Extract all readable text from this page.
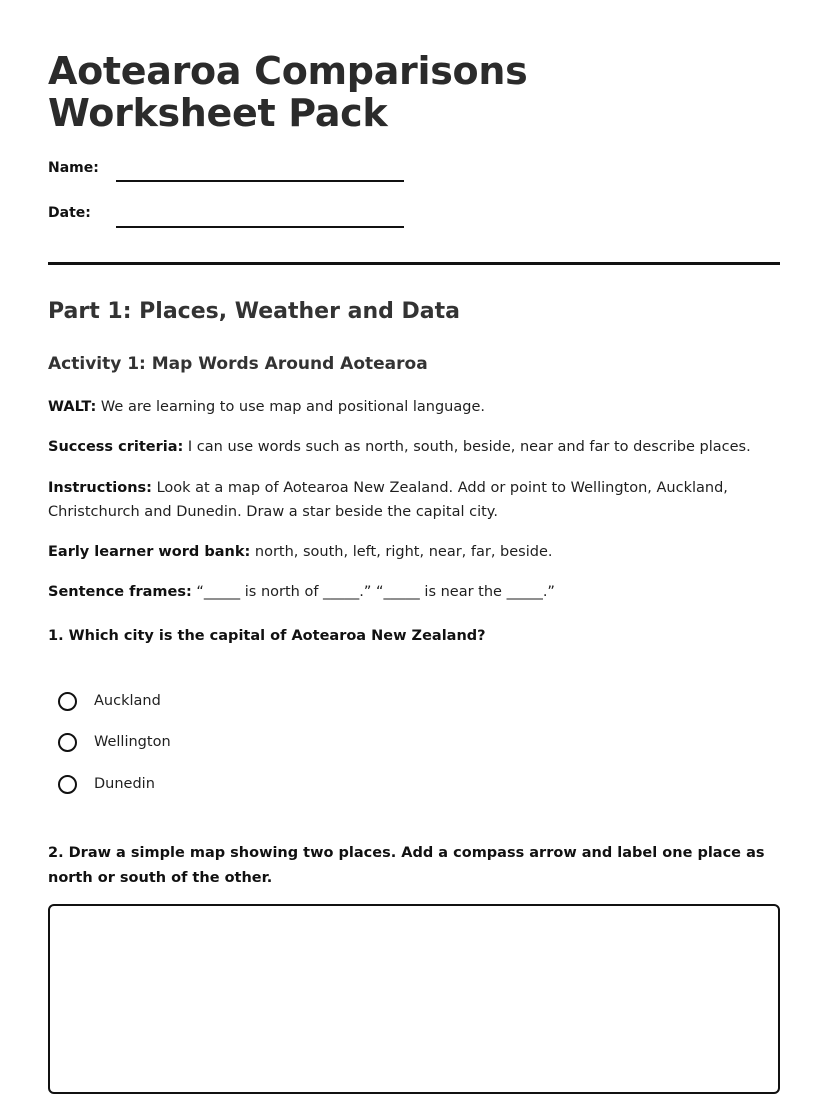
Aotearoa Comparisons Worksheet Pack
Name:
Date:
Part 1: Places, Weather and Data
Activity 1: Map Words Around Aotearoa
WALT: We are learning to use map and positional language.
Success criteria: I can use words such as north, south, beside, near and far to describe places.
Instructions: Look at a map of Aotearoa New Zealand. Add or point to Wellington, Auckland, Christchurch and Dunedin. Draw a star beside the capital city.
Early learner word bank: north, south, left, right, near, far, beside.
Sentence frames: “_____ is north of _____.” “_____ is near the _____.”
1. Which city is the capital of Aotearoa New Zealand?
Auckland
Wellington
Dunedin
2. Draw a simple map showing two places. Add a compass arrow and label one place as north or south of the other.
